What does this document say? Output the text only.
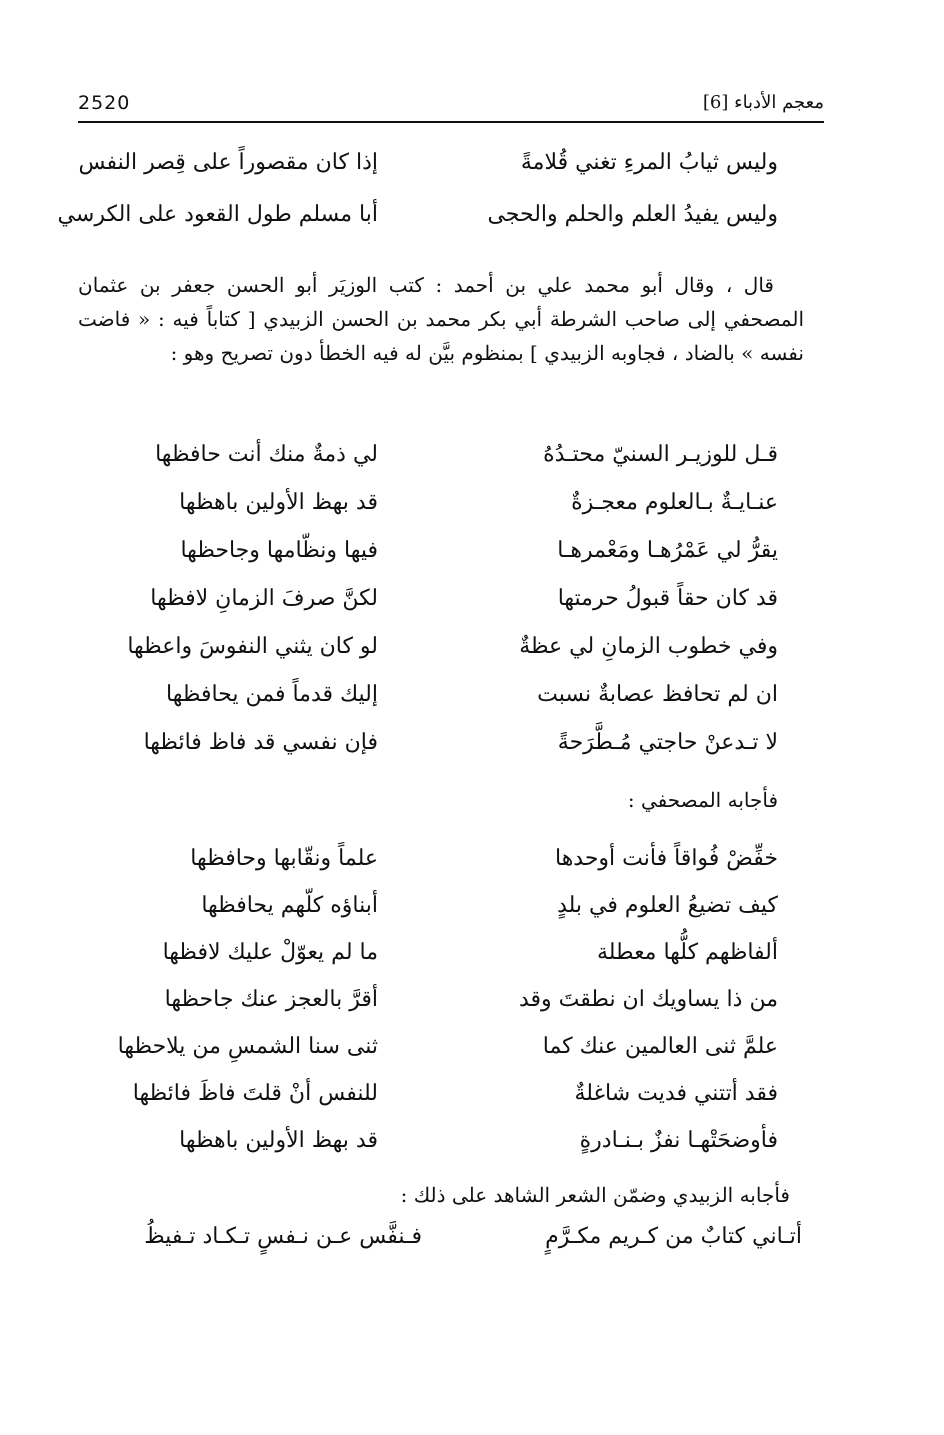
2520	معجم الأدباء [6]
وليس ثيابُ المرءِ تغني قُلامةً
إذا كان مقصوراً على قِصر النفس
وليس يفيدُ العلم والحلم والحجى
أبا مسلم طول القعود على الكرسي
قال ، وقال أبو محمد علي بن أحمد : كتب الوزيَر أبو الحسن جعفر بن عثمان المصحفي إلى صاحب الشرطة أبي بكر محمد بن الحسن الزبيدي [ كتاباً فيه : « فاضت نفسه » بالضاد ، فجاوبه الزبيدي ] بمنظوم بيَّن له فيه الخطأ دون تصريح وهو :
قـل للوزيـر السنيّ محتـدُهُ
لي ذمةٌ منك أنت حافظها
عنـايـةٌ بـالعلوم معجـزةٌ
قد بهظ الأولين باهظها
يقرُّ لي عَمْرُهـا ومَعْمرهـا
فيها ونظّامها وجاحظها
قد كان حقاً قبولُ حرمتها
لكنَّ صرفَ الزمانِ لافظها
وفي خطوب الزمانِ لي عظةٌ
لو كان يثني النفوسَ واعظها
ان لم تحافظ عصابةٌ نسبت
إليك قدماً فمن يحافظها
لا تـدعنْ حاجتي مُـطَّرَحةً
فإن نفسي قد فاظ فائظها
فأجابه المصحفي :
خفِّضْ فُواقاً فأنت أوحدها
علماً ونقّابها وحافظها
كيف تضيعُ العلوم في بلدٍ
أبناؤه كلّهم يحافظها
ألفاظهم كلُّها معطلة
ما لم يعوّلْ عليك لافظها
من ذا يساويك ان نطقتَ وقد
أقرَّ بالعجز عنك جاحظها
علمَّ ثنى العالمين عنك كما
ثنى سنا الشمسِ من يلاحظها
فقد أتتني فديت شاغلةٌ
للنفس أنْ قلتَ فاظَ فائظها
فأوضحَتْهـا نفزٌ بـنـادرةٍ
قد بهظ الأولين باهظها
فأجابه الزبيدي وضمّن الشعر الشاهد على ذلك :
أتـاني كتابٌ من كـريم مكـرَّمٍ
فـنفَّس عـن نـفسٍ تـكـاد تـفيظُ
